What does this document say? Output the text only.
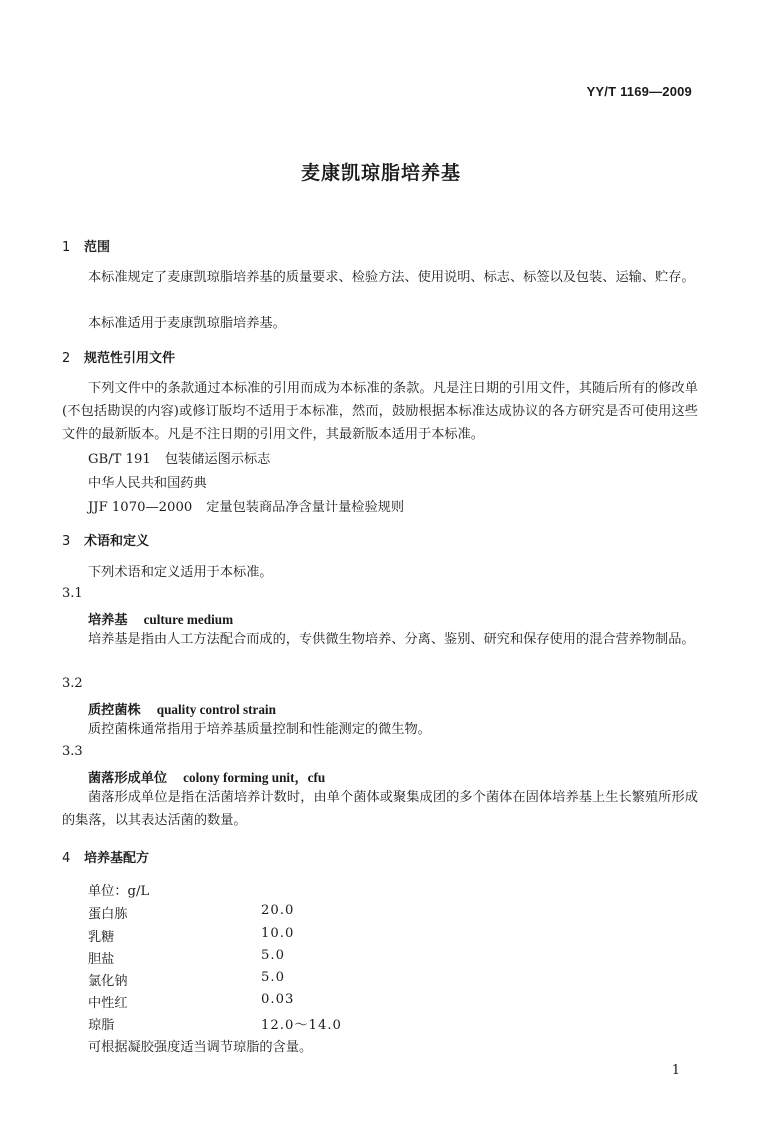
YY/T 1169—2009
麦康凯琼脂培养基
1 范围
本标准规定了麦康凯琼脂培养基的质量要求、检验方法、使用说明、标志、标签以及包装、运输、贮存。
本标准适用于麦康凯琼脂培养基。
2 规范性引用文件
下列文件中的条款通过本标准的引用而成为本标准的条款。凡是注日期的引用文件，其随后所有的修改单(不包括勘误的内容)或修订版均不适用于本标准，然而，鼓励根据本标准达成协议的各方研究是否可使用这些文件的最新版本。凡是不注日期的引用文件，其最新版本适用于本标准。
GB/T 191 包装储运图示标志
中华人民共和国药典
JJF 1070—2000 定量包装商品净含量计量检验规则
3 术语和定义
下列术语和定义适用于本标准。
3.1
培养基 culture medium
培养基是指由人工方法配合而成的，专供微生物培养、分离、鉴别、研究和保存使用的混合营养物制品。
3.2
质控菌株 quality control strain
质控菌株通常指用于培养基质量控制和性能测定的微生物。
3.3
菌落形成单位 colony forming unit，cfu
菌落形成单位是指在活菌培养计数时，由单个菌体或聚集成团的多个菌体在固体培养基上生长繁殖所形成的集落，以其表达活菌的数量。
4 培养基配方
单位：g/L
蛋白胨	20.0
乳糖	10.0
胆盐	5.0
氯化钠	5.0
中性红	0.03
琼脂	12.0～14.0
可根据凝胶强度适当调节琼脂的含量。
1
